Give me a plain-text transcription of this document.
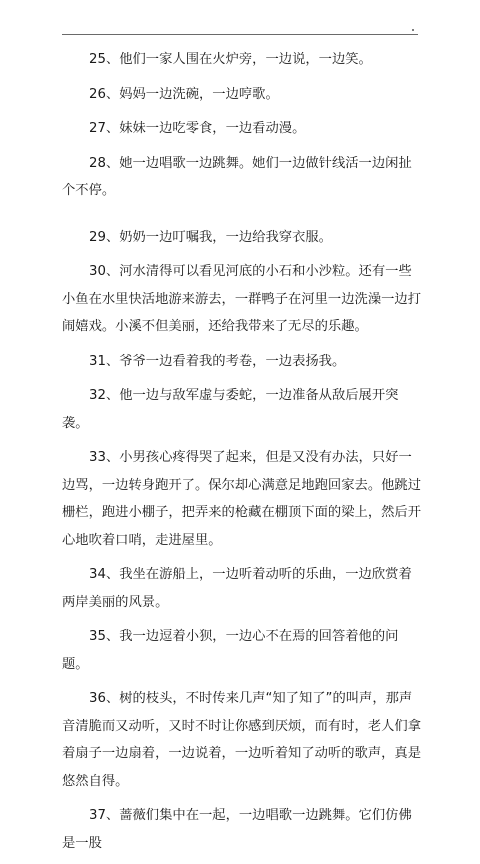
25、他们一家人围在火炉旁，一边说，一边笑。

26、妈妈一边洗碗，一边哼歌。

27、妹妹一边吃零食，一边看动漫。

28、她一边唱歌一边跳舞。她们一边做针线活一边闲扯个不停。

29、奶奶一边叮嘱我，一边给我穿衣服。

30、河水清得可以看见河底的小石和小沙粒。还有一些小鱼在水里快活地游来游去，一群鸭子在河里一边洗澡一边打闹嬉戏。小溪不但美丽，还给我带来了无尽的乐趣。

31、爷爷一边看着我的考卷，一边表扬我。

32、他一边与敌军虚与委蛇，一边准备从敌后展开突袭。

33、小男孩心疼得哭了起来，但是又没有办法，只好一边骂，一边转身跑开了。保尔却心满意足地跑回家去。他跳过栅栏，跑进小棚子，把弄来的枪藏在棚顶下面的梁上，然后开心地吹着口哨，走进屋里。

34、我坐在游船上，一边听着动听的乐曲，一边欣赏着两岸美丽的风景。

35、我一边逗着小狈，一边心不在焉的回答着他的问题。

36、树的枝头，不时传来几声“知了知了”的叫声，那声音清脆而又动听，又时不时让你感到厌烦，而有时，老人们拿着扇子一边扇着，一边说着，一边听着知了动听的歌声，真是悠然自得。

37、蔷薇们集中在一起，一边唱歌一边跳舞。它们仿佛是一股
